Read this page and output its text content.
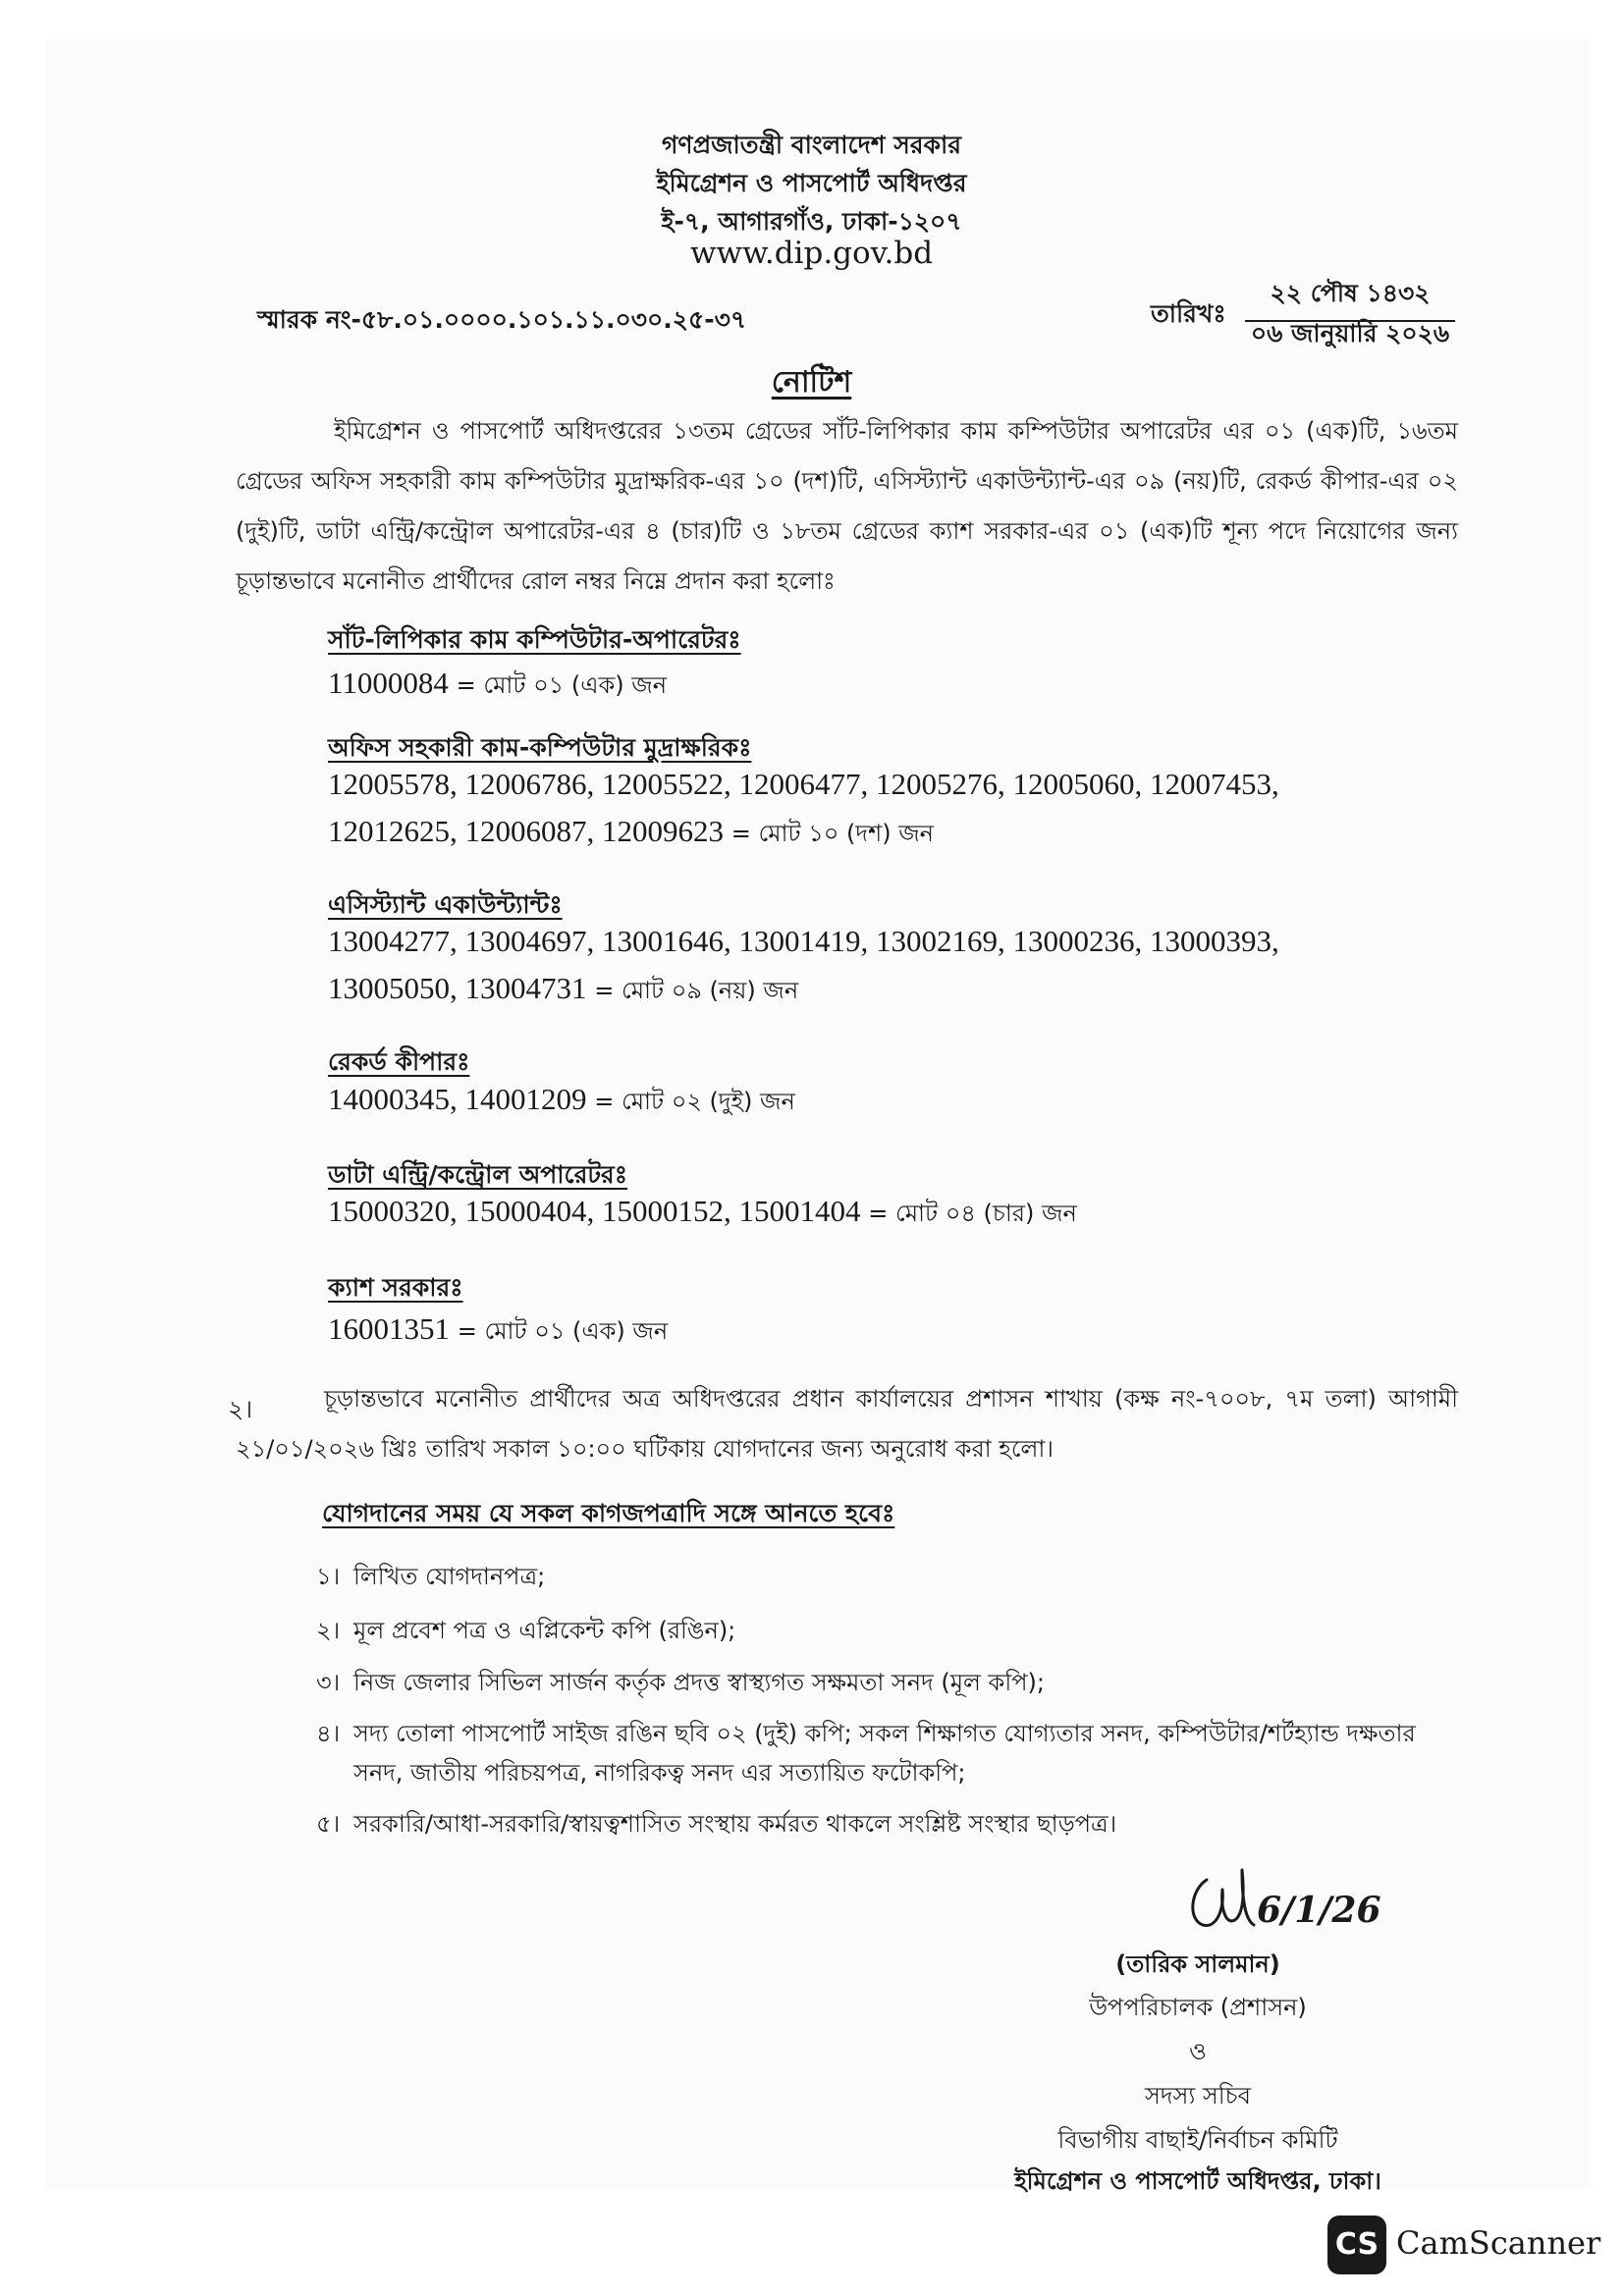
গণপ্রজাতন্ত্রী বাংলাদেশ সরকার
ইমিগ্রেশন ও পাসপোর্ট অধিদপ্তর
ই-৭, আগারগাঁও, ঢাকা-১২০৭
www.dip.gov.bd
স্মারক নং-৫৮.০১.০০০০.১০১.১১.০৩০.২৫-৩৭	তারিখঃ
২২ পৌষ ১৪৩২
০৬ জানুয়ারি ২০২৬
নোটিশ
ইমিগ্রেশন ও পাসপোর্ট অধিদপ্তরের ১৩তম গ্রেডের সাঁট-লিপিকার কাম কম্পিউটার অপারেটর এর ০১ (এক)টি, ১৬তম গ্রেডের অফিস সহকারী কাম কম্পিউটার মুদ্রাক্ষরিক-এর ১০ (দশ)টি, এসিস্ট্যান্ট একাউন্ট্যান্ট-এর ০৯ (নয়)টি, রেকর্ড কীপার-এর ০২ (দুই)টি, ডাটা এন্ট্রি/কন্ট্রোল অপারেটর-এর ৪ (চার)টি ও ১৮তম গ্রেডের ক্যাশ সরকার-এর ০১ (এক)টি শূন্য পদে নিয়োগের জন্য চূড়ান্তভাবে মনোনীত প্রার্থীদের রোল নম্বর নিম্নে প্রদান করা হলোঃ
সাঁট-লিপিকার কাম কম্পিউটার-অপারেটরঃ
11000084 = মোট ০১ (এক) জন
অফিস সহকারী কাম-কম্পিউটার মুদ্রাক্ষরিকঃ
12005578, 12006786, 12005522, 12006477, 12005276, 12005060, 12007453,
12012625, 12006087, 12009623 = মোট ১০ (দশ) জন
এসিস্ট্যান্ট একাউন্ট্যান্টঃ
13004277, 13004697, 13001646, 13001419, 13002169, 13000236, 13000393,
13005050, 13004731 = মোট ০৯ (নয়) জন
রেকর্ড কীপারঃ
14000345, 14001209 = মোট ০২ (দুই) জন
ডাটা এন্ট্রি/কন্ট্রোল অপারেটরঃ
15000320, 15000404, 15000152, 15001404 = মোট ০৪ (চার) জন
ক্যাশ সরকারঃ
16001351 = মোট ০১ (এক) জন
২।	চূড়ান্তভাবে মনোনীত প্রার্থীদের অত্র অধিদপ্তরের প্রধান কার্যালয়ের প্রশাসন শাখায় (কক্ষ নং-৭০০৮, ৭ম তলা) আগামী ২১/০১/২০২৬ খ্রিঃ তারিখ সকাল ১০:০০ ঘটিকায় যোগদানের জন্য অনুরোধ করা হলো।
যোগদানের সময় যে সকল কাগজপত্রাদি সঙ্গে আনতে হবেঃ
১। লিখিত যোগদানপত্র;
২। মূল প্রবেশ পত্র ও এপ্লিকেন্ট কপি (রঙিন);
৩। নিজ জেলার সিভিল সার্জন কর্তৃক প্রদত্ত স্বাস্থ্যগত সক্ষমতা সনদ (মূল কপি);
৪। সদ্য তোলা পাসপোর্ট সাইজ রঙিন ছবি ০২ (দুই) কপি; সকল শিক্ষাগত যোগ্যতার সনদ, কম্পিউটার/শর্টহ্যান্ড দক্ষতার সনদ, জাতীয় পরিচয়পত্র, নাগরিকত্ব সনদ এর সত্যায়িত ফটোকপি;
৫। সরকারি/আধা-সরকারি/স্বায়ত্বশাসিত সংস্থায় কর্মরত থাকলে সংশ্লিষ্ট সংস্থার ছাড়পত্র।
6/1/26
(তারিক সালমান)
উপপরিচালক (প্রশাসন)
ও
সদস্য সচিব
বিভাগীয় বাছাই/নির্বাচন কমিটি
ইমিগ্রেশন ও পাসপোর্ট অধিদপ্তর, ঢাকা।
CS CamScanner
